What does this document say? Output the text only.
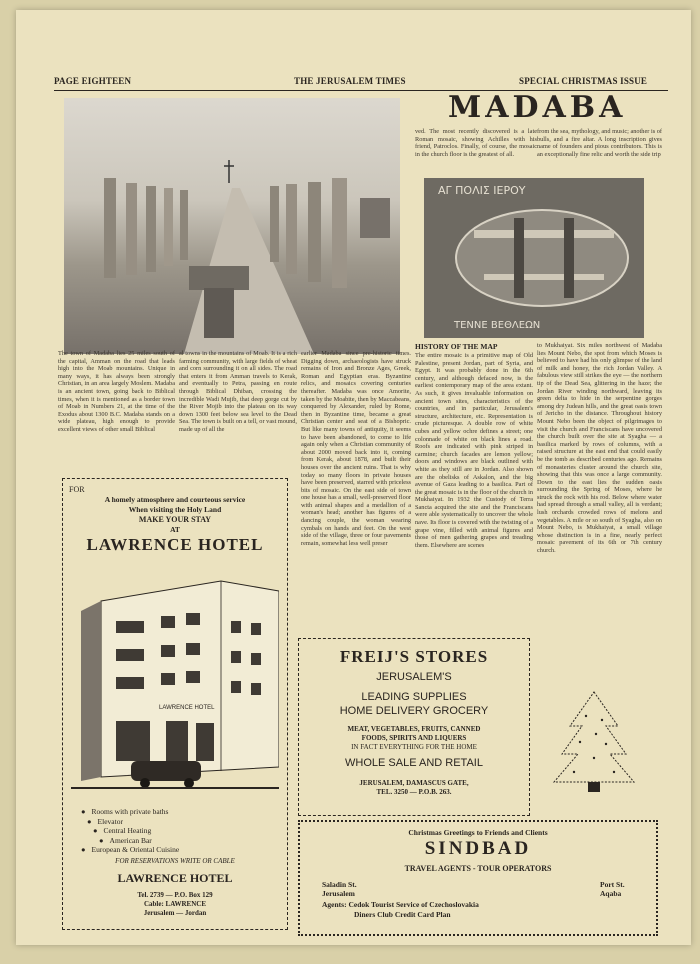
PAGE EIGHTEEN	THE JERUSALEM TIMES	SPECIAL CHRISTMAS ISSUE
MADABA
ved. The most recently discovered is a late Roman mosaic, showing Achilles with his friend, Patroclos. Finally, of course, the mosaic in the church floor is the greatest of all.
from the sea, mythology, and music; another is of bulls, and a fire altar. A long inscription gives name of founders and pious contributors. This is an exceptionally fine relic and worth the side trip
ΑΓ ΠΟΛΙΣ ΙΕΡΟΥ
ΤΕΝΝΕ ΒΕΘΛΕΩΝ
The town of Madaba lies 25 miles south of the capital, Amman on the road that leads high into the Moab mountains. Unique in many ways, it has always been strongly Christian, in an area largely Moslem. Madaba is an ancient town, going back to Biblical times, when it is mentioned as a border town of Moab in Numbers 21, at the time of the Exodus about 1300 B.C. Madaba stands on a wide plateau, high enough to provide excellent views of other small Biblical
al towns in the mountains of Moab. It is a rich farming community, with large fields of wheat and corn surrounding it on all sides. The road that enters it from Amman travels to Kerak, and eventually to Petra, passing en route through Biblical Dhiban, crossing the incredible Wadi Mujib, that deep gorge cut by the River Mojib into the plateau on its way down 1300 feet below sea level to the Dead Sea. The town is built on a tell, or vast mound, made up of all the
earlier Madaba since pre-historic times. Digging down, archaeologists have struck remains of Iron and Bronze Ages, Greek, Roman and Egyptian eras. Byzantine relics, and mosaics covering centuries thereafter. Madaba was once Amorite, taken by the Moabite, then by Maccabeans, conquered by Alexander, ruled by Rome, then in Byzantine time, became a great Christian center and seat of a Bishopric. But like many towns of antiquity, it seems to have been abandoned, to come to life again only when a Christian community of about 2000 moved back into it, coming from Kerak, about 1878, and built their houses over the ancient ruins. That is why today so many floors in private houses have been preserved, starred with priceless bits of mosaic. On the east side of town one house has a small, well-preserved floor with animal shapes and a medallion of a woman's head; another has figures of a dancing couple, the woman wearing cymbals on hands and feet. On the west side of the village, three or four pavements remain, somewhat less well preser
HISTORY OF THE MAP
The entire mosaic is a primitive map of Old Palestine, present Jordan, part of Syria, and Egypt. It was probably done in the 6th century, and although defaced now, is the earliest contemporary map of the area extant. As such, it gives invaluable information on ancient town sites, characteristics of the countries, and in particular, Jerusalem's structure, architecture, etc. Representation is crude picturesque. A double row of white cubes and yellow ochre defines a street; one colonnade of white on black lines a road. Roofs are indicated with pink striped in carmine; church facades are lemon yellow; doors and windows are black outlined with white as they still are in Jordan. Also shown are the obelisks of Askalon, and the big avenue of Gaza leading to a basilica. Part of the great mosaic is in the floor of the church in Mukhaiyat. In 1932 the Custody of Terra Sancta acquired the site and the Franciscans were able systematically to uncover the whole nave. Its floor is covered with the twisting of a grape vine, filled with animal figures and those of men gathering grapes and treading them. Elsewhere are scenes
to Mukhaiyat. Six miles northwest of Madaba lies Mount Nebo, the spot from which Moses is believed to have had his only glimpse of the land of milk and honey, the rich Jordan Valley. A fabulous view still strikes the eye — the northern tip of the Dead Sea, glittering in the haze; the Jordan River winding northward, leaving its green delta to hide in the serpentine gorges among dry Judean hills, and the great oasis town of Jericho in the distance. Throughout history Mount Nebo been the object of pilgrimages to visit the church and Franciscans have uncovered the church built over the site at Syagha — a basilica marked by rows of columns, with a raised structure at the east end that could easily be the tomb as described centuries ago. Remains of monasteries cluster around the church site, showing that this was once a large community. Down to the east lies the sudden oasis surrounding the Spring of Moses, where he struck the rock with his rod. Below where water had spread through a small valley, all is verdant; lush orchards crowded rows of melons and vegetables. A mile or so south of Syagha, also on Mount Nebo, is Mukhaiyat, a small village whose distinction is in a fine, nearly perfect mosaic pavement of its 6th or 7th century church.
FOR
A homely atmosphere and courteous service
When visiting the Holy Land
MAKE YOUR STAY
AT
LAWRENCE HOTEL
LAWRENCE HOTEL
● Rooms with private baths
● Elevator
● Central Heating
● American Bar
● European & Oriental Cuisine
FOR RESERVATIONS WRITE OR CABLE
LAWRENCE HOTEL
Tel. 2739 — P.O. Box 129
Cable: LAWRENCE
Jerusalem — Jordan
FREIJ'S STORES
JERUSALEM'S
LEADING SUPPLIES
HOME DELIVERY GROCERY
MEAT, VEGETABLES, FRUITS, CANNED
FOODS, SPIRITS AND LIQUERS
IN FACT EVERYTHING FOR THE HOME
WHOLE SALE AND RETAIL
JERUSALEM, DAMASCUS GATE,
TEL. 3250 — P.O.B. 263.
Christmas Greetings to Friends and Clients
SINDBAD
TRAVEL AGENTS - TOUR OPERATORS
Saladin St.
Jerusalem
Port St.
Aqaba
Agents: Cedok Tourist Service of Czechoslovakia
Diners Club Credit Card Plan
